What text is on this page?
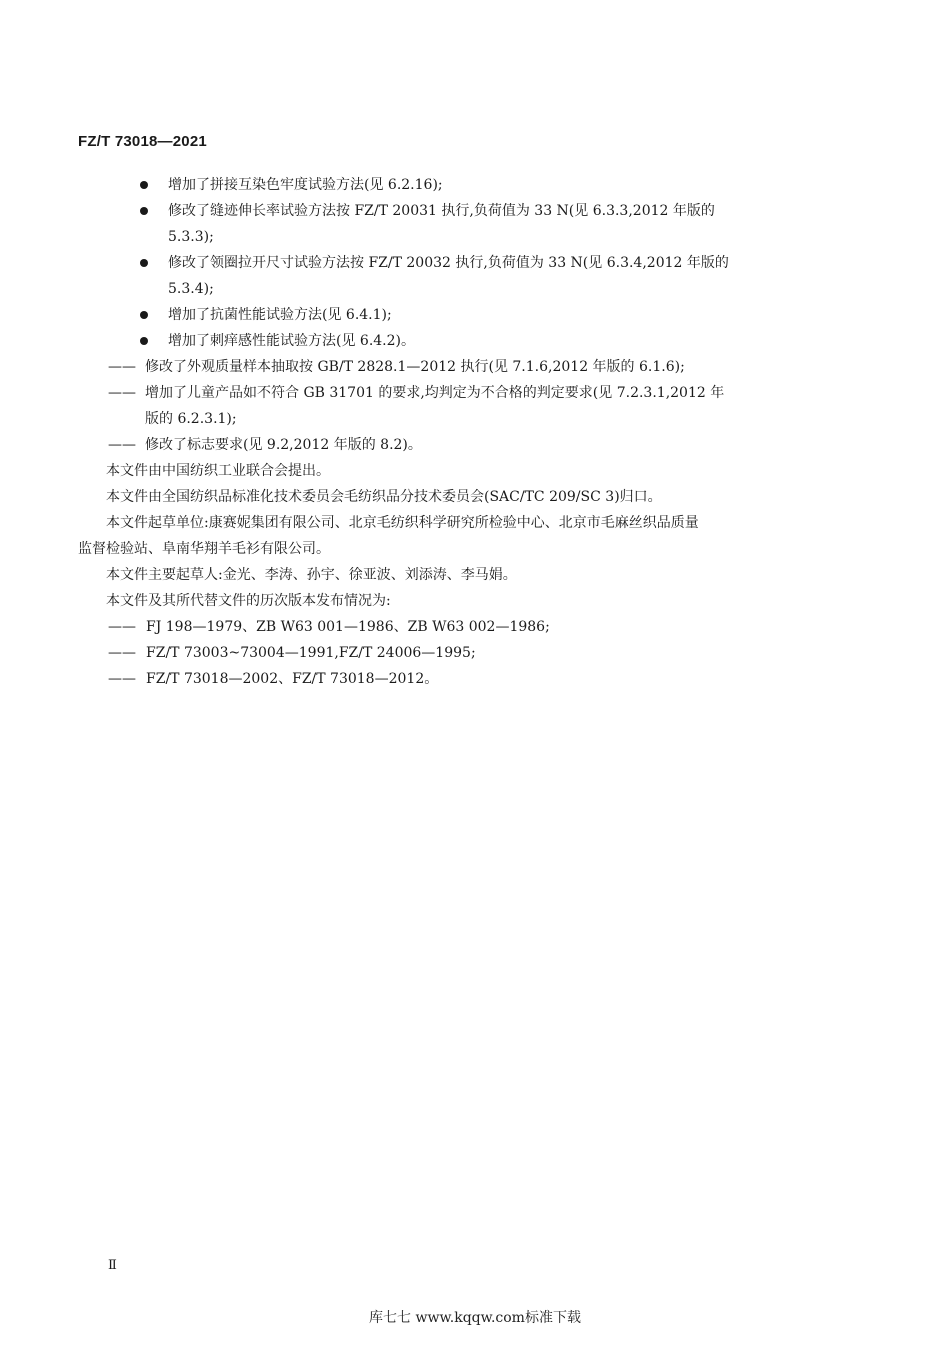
FZ/T 73018—2021
增加了拼接互染色牢度试验方法(见 6.2.16);
修改了缝迹伸长率试验方法按 FZ/T 20031 执行,负荷值为 33 N(见 6.3.3,2012 年版的
5.3.3);
修改了领圈拉开尺寸试验方法按 FZ/T 20032 执行,负荷值为 33 N(见 6.3.4,2012 年版的
5.3.4);
增加了抗菌性能试验方法(见 6.4.1);
增加了刺痒感性能试验方法(见 6.4.2)。
—— 修改了外观质量样本抽取按 GB/T 2828.1—2012 执行(见 7.1.6,2012 年版的 6.1.6);
—— 增加了儿童产品如不符合 GB 31701 的要求,均判定为不合格的判定要求(见 7.2.3.1,2012 年
版的 6.2.3.1);
—— 修改了标志要求(见 9.2,2012 年版的 8.2)。
本文件由中国纺织工业联合会提出。
本文件由全国纺织品标准化技术委员会毛纺织品分技术委员会(SAC/TC 209/SC 3)归口。
本文件起草单位:康赛妮集团有限公司、北京毛纺织科学研究所检验中心、北京市毛麻丝织品质量
监督检验站、阜南华翔羊毛衫有限公司。
本文件主要起草人:金光、李涛、孙宇、徐亚波、刘添涛、李马娟。
本文件及其所代替文件的历次版本发布情况为:
—— FJ 198—1979、ZB W63 001—1986、ZB W63 002—1986;
—— FZ/T 73003~73004—1991,FZ/T 24006—1995;
—— FZ/T 73018—2002、FZ/T 73018—2012。
Ⅱ
库七七 www.kqqw.com标准下载
